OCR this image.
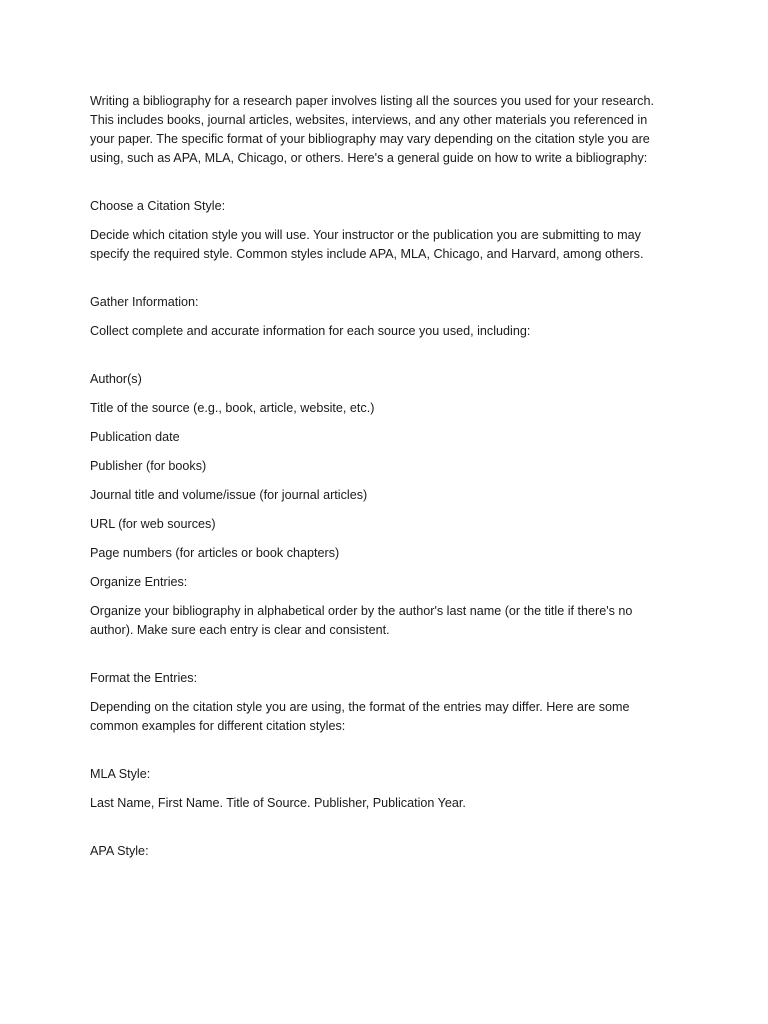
Writing a bibliography for a research paper involves listing all the sources you used for your research. This includes books, journal articles, websites, interviews, and any other materials you referenced in your paper. The specific format of your bibliography may vary depending on the citation style you are using, such as APA, MLA, Chicago, or others. Here's a general guide on how to write a bibliography:

Choose a Citation Style:

Decide which citation style you will use. Your instructor or the publication you are submitting to may specify the required style. Common styles include APA, MLA, Chicago, and Harvard, among others.

Gather Information:

Collect complete and accurate information for each source you used, including:

Author(s)

Title of the source (e.g., book, article, website, etc.)

Publication date

Publisher (for books)

Journal title and volume/issue (for journal articles)

URL (for web sources)

Page numbers (for articles or book chapters)

Organize Entries:

Organize your bibliography in alphabetical order by the author's last name (or the title if there's no author). Make sure each entry is clear and consistent.

Format the Entries:

Depending on the citation style you are using, the format of the entries may differ. Here are some common examples for different citation styles:

MLA Style:

Last Name, First Name. Title of Source. Publisher, Publication Year.

APA Style:
